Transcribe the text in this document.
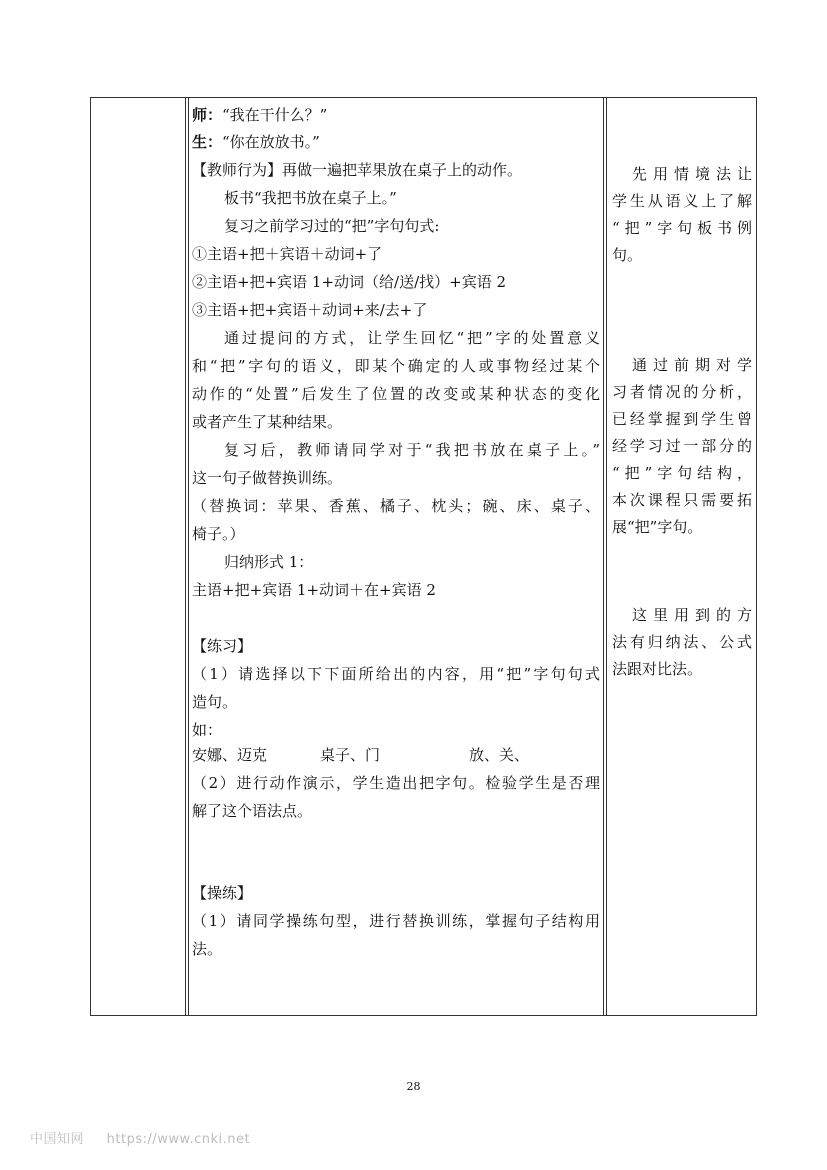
师：“我在干什么？”
生：“你在放放书。”
【教师行为】再做一遍把苹果放在桌子上的动作。
板书“我把书放在桌子上。”
复习之前学习过的“把”字句句式:
①主语+把＋宾语＋动词+了
②主语+把+宾语 1+动词（给/送/找）+宾语 2
③主语+把+宾语＋动词+来/去+了
通过提问的方式，让学生回忆“把”字的处置意义
和“把”字句的语义，即某个确定的人或事物经过某个
动作的“处置”后发生了位置的改变或某种状态的变化
或者产生了某种结果。
复习后，教师请同学对于“我把书放在桌子上。”
这一句子做替换训练。
（替换词：苹果、香蕉、橘子、枕头；碗、床、桌子、
椅子。）
归纳形式 1：
主语+把+宾语 1+动词＋在+宾语 2
【练习】
（1）请选择以下下面所给出的内容，用“把”字句句式
造句。
如：
安娜、迈克	桌子、门	放、关、
（2）进行动作演示，学生造出把字句。检验学生是否理
解了这个语法点。
【操练】
（1）请同学操练句型，进行替换训练，掌握句子结构用
法。
先用情境法让
学生从语义上了解
“把”字句板书例
句。
通过前期对学
习者情况的分析，
已经掌握到学生曾
经学习过一部分的
“把”字句结构，
本次课程只需要拓
展“把”字句。
这里用到的方
法有归纳法、公式
法跟对比法。
28
中国知网 https://www.cnki.net
